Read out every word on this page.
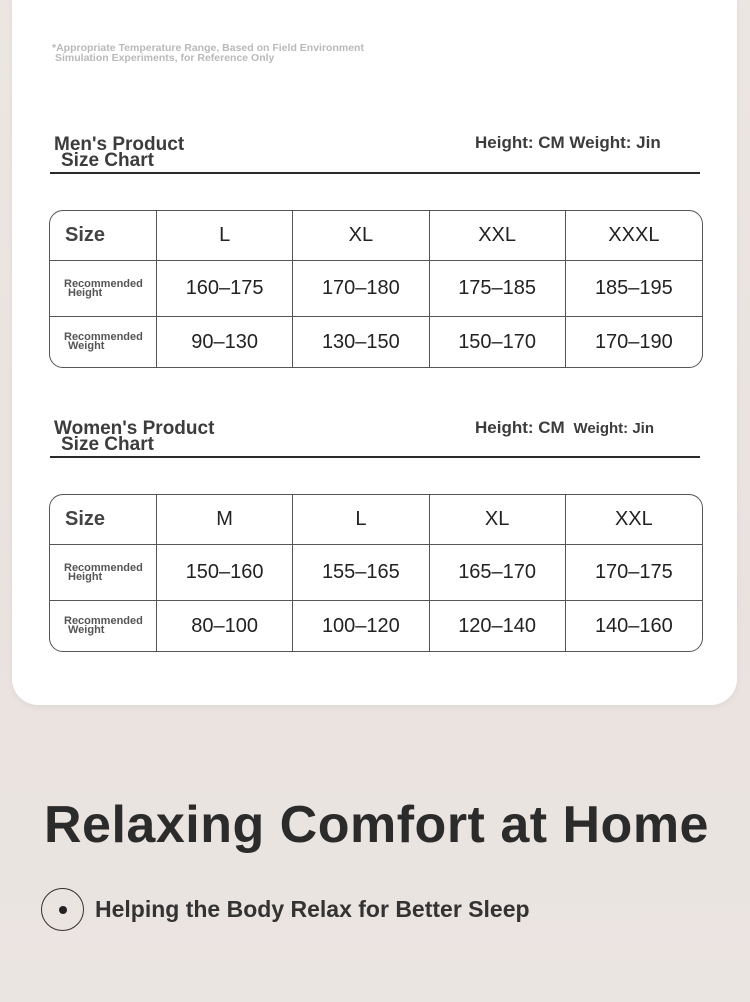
*Appropriate Temperature Range, Based on Field Environment
Simulation Experiments, for Reference Only
Men's Product
Size Chart
Height: CM Weight: Jin
Size	L	XL	XXL	XXXL
Recommended
Height	160–175	170–180	175–185	185–195
Recommended
Weight	90–130	130–150	150–170	170–190
Women's Product
Size Chart
Height: CM Weight: Jin
Size	M	L	XL	XXL
Recommended
Height	150–160	155–165	165–170	170–175
Recommended
Weight	80–100	100–120	120–140	140–160
Relaxing Comfort at Home
Helping the Body Relax for Better Sleep
